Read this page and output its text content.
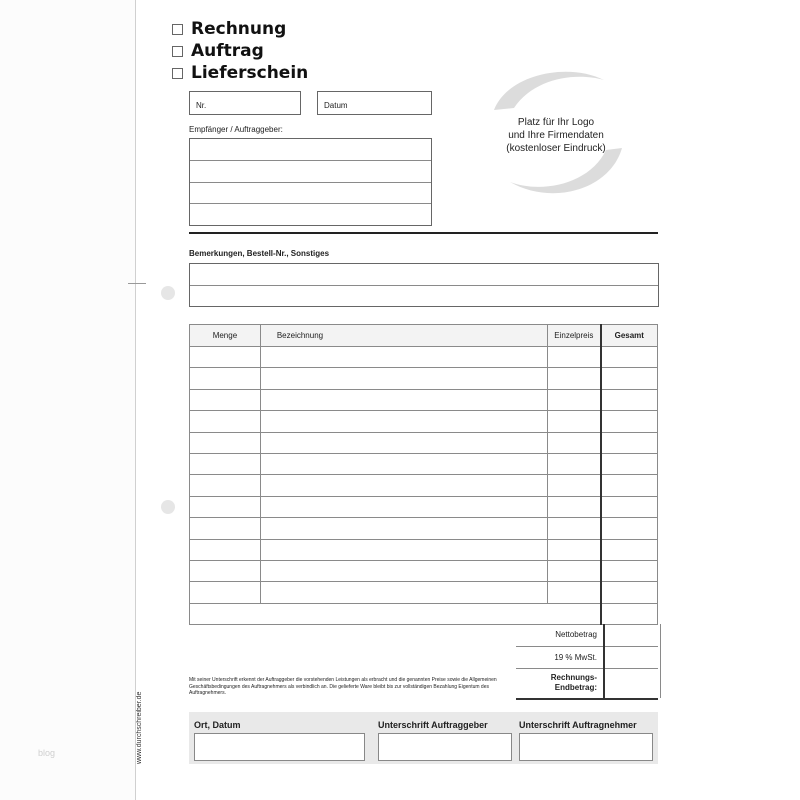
www.durchschreiber.de
blog
Rechnung
Auftrag
Lieferschein
Nr.	Datum
Empfänger / Auftraggeber:
Platz für Ihr Logo
und Ihre Firmendaten
(kostenloser Eindruck)
Bemerkungen, Bestell-Nr., Sonstiges
Menge	Bezeichnung	Einzelpreis	Gesamt

Nettobetrag
19 % MwSt.
Rechnungs-
Endbetrag:
Mit seiner Unterschrift erkennt der Auftraggeber die vorstehenden Leistungen als erbracht und die genannten Preise sowie die Allgemeinen Geschäftsbedingungen des Auftragnehmers als verbindlich an. Die gelieferte Ware bleibt bis zur vollständigen Bezahlung Eigentum des Auftragnehmers.
Ort, Datum	Unterschrift Auftraggeber	Unterschrift Auftragnehmer
